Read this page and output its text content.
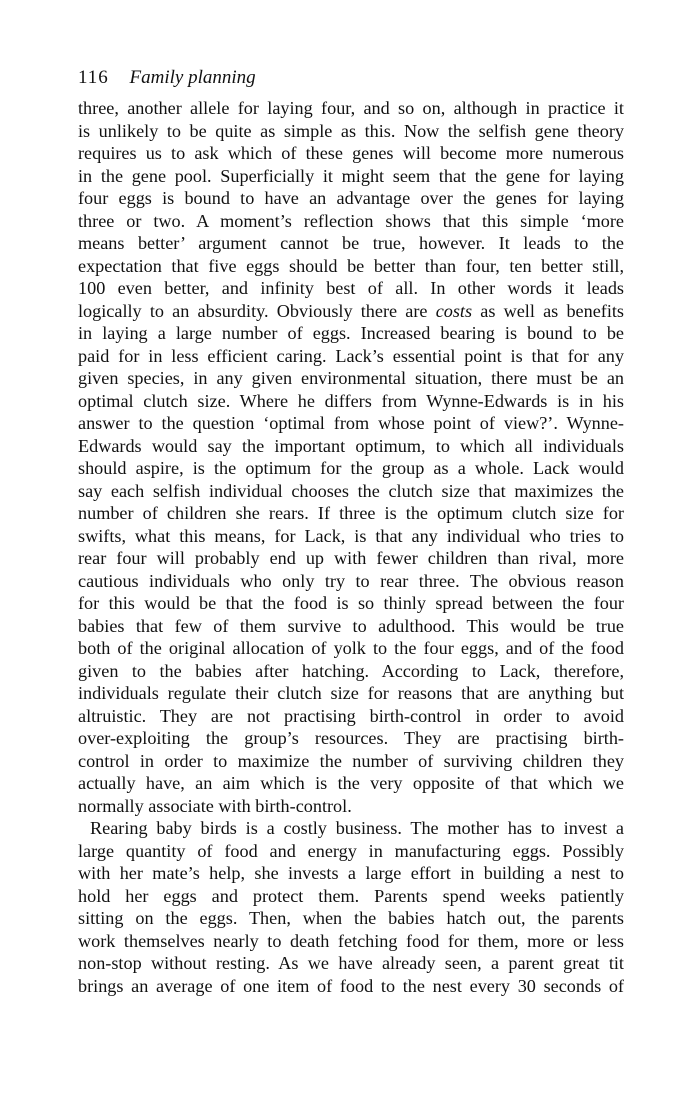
116 Family planning
three, another allele for laying four, and so on, although in practice it
is unlikely to be quite as simple as this. Now the selfish gene theory
requires us to ask which of these genes will become more numerous
in the gene pool. Superficially it might seem that the gene for laying
four eggs is bound to have an advantage over the genes for laying
three or two. A moment’s reflection shows that this simple ‘more
means better’ argument cannot be true, however. It leads to the
expectation that five eggs should be better than four, ten better still,
100 even better, and infinity best of all. In other words it leads
logically to an absurdity. Obviously there are costs as well as benefits
in laying a large number of eggs. Increased bearing is bound to be
paid for in less efficient caring. Lack’s essential point is that for any
given species, in any given environmental situation, there must be an
optimal clutch size. Where he differs from Wynne-Edwards is in his
answer to the question ‘optimal from whose point of view?’. Wynne-
Edwards would say the important optimum, to which all individuals
should aspire, is the optimum for the group as a whole. Lack would
say each selfish individual chooses the clutch size that maximizes the
number of children she rears. If three is the optimum clutch size for
swifts, what this means, for Lack, is that any individual who tries to
rear four will probably end up with fewer children than rival, more
cautious individuals who only try to rear three. The obvious reason
for this would be that the food is so thinly spread between the four
babies that few of them survive to adulthood. This would be true
both of the original allocation of yolk to the four eggs, and of the food
given to the babies after hatching. According to Lack, therefore,
individuals regulate their clutch size for reasons that are anything but
altruistic. They are not practising birth-control in order to avoid
over-exploiting the group’s resources. They are practising birth-
control in order to maximize the number of surviving children they
actually have, an aim which is the very opposite of that which we
normally associate with birth-control.
Rearing baby birds is a costly business. The mother has to invest a
large quantity of food and energy in manufacturing eggs. Possibly
with her mate’s help, she invests a large effort in building a nest to
hold her eggs and protect them. Parents spend weeks patiently
sitting on the eggs. Then, when the babies hatch out, the parents
work themselves nearly to death fetching food for them, more or less
non-stop without resting. As we have already seen, a parent great tit
brings an average of one item of food to the nest every 30 seconds of
